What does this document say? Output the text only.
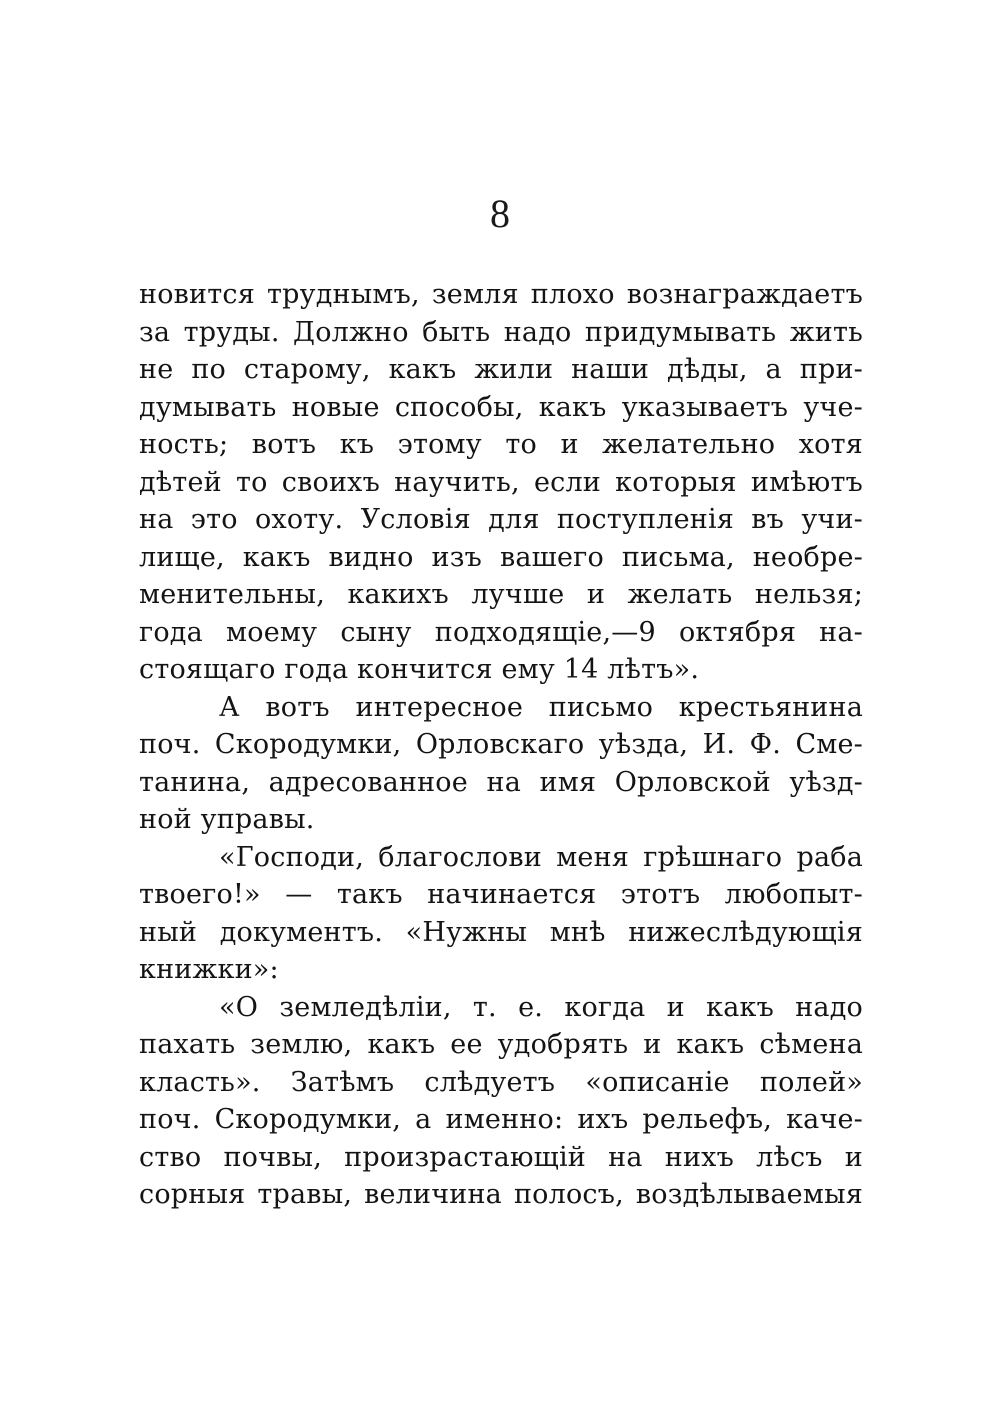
8
новится труднымъ, земля плохо вознаграждаетъ
за труды. Должно быть надо придумывать жить
не по старому, какъ жили наши дѣды, а при-
думывать новые способы, какъ указываетъ уче-
ность; вотъ къ этому то и желательно хотя
дѣтей то своихъ научить, если которыя имѣютъ
на это охоту. Условія для поступленія въ учи-
лище, какъ видно изъ вашего письма, необре-
менительны, какихъ лучше и желать нельзя;
года моему сыну подходящіе,—9 октября на-
стоящаго года кончится ему 14 лѣтъ».
А вотъ интересное письмо крестьянина
поч. Скородумки, Орловскаго уѣзда, И. Ф. Сме-
танина, адресованное на имя Орловской уѣзд-
ной управы.
«Господи, благослови меня грѣшнаго раба
твоего!» — такъ начинается этотъ любопыт-
ный документъ. «Нужны мнѣ нижеслѣдующія
книжки»:
«О земледѣліи, т. е. когда и какъ надо
пахать землю, какъ ее удобрять и какъ сѣмена
класть». Затѣмъ слѣдуетъ «описаніе полей»
поч. Скородумки, а именно: ихъ рельефъ, каче-
ство почвы, произрастающій на нихъ лѣсъ и
сорныя травы, величина полосъ, воздѣлываемыя
